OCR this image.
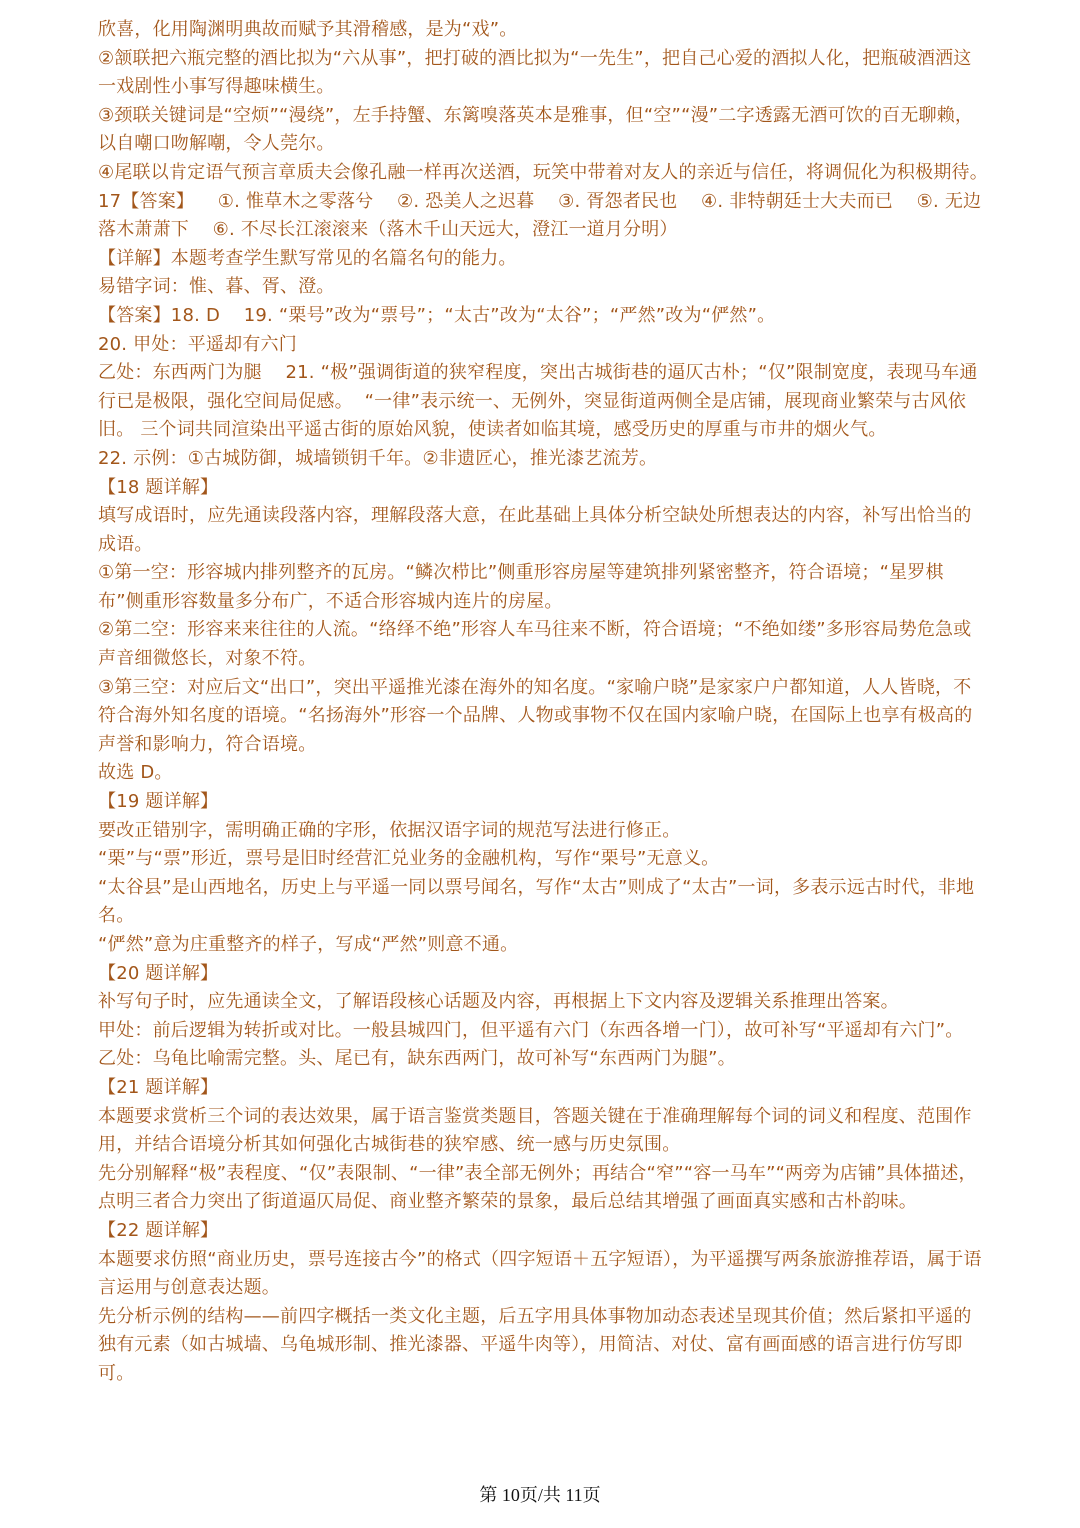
欣喜，化用陶渊明典故而赋予其滑稽感，是为“戏”。

②颔联把六瓶完整的酒比拟为“六从事”，把打破的酒比拟为“一先生”，把自己心爱的酒拟人化，把瓶破酒洒这一戏剧性小事写得趣味横生。

③颈联关键词是“空烦”“漫绕”，左手持蟹、东篱嗅落英本是雅事，但“空”“漫”二字透露无酒可饮的百无聊赖，以自嘲口吻解嘲，令人莞尔。

④尾联以肯定语气预言章质夫会像孔融一样再次送酒，玩笑中带着对友人的亲近与信任，将调侃化为积极期待。

17【答案】    ①. 惟草木之零落兮    ②. 恐美人之迟暮    ③. 胥怨者民也    ④. 非特朝廷士大夫而已    ⑤. 无边落木萧萧下    ⑥. 不尽长江滚滚来（落木千山天远大，澄江一道月分明）

【详解】本题考查学生默写常见的名篇名句的能力。

易错字词：惟、暮、胥、澄。

【答案】18. D    19. “栗号”改为“票号”；“太古”改为“太谷”；“严然”改为“俨然”。

20. 甲处：平遥却有六门

乙处：东西两门为腿    21. “极”强调街道的狭窄程度，突出古城街巷的逼仄古朴；“仅”限制宽度，表现马车通行已是极限，强化空间局促感。  “一律”表示统一、无例外，突显街道两侧全是店铺，展现商业繁荣与古风依旧。 三个词共同渲染出平遥古街的原始风貌，使读者如临其境，感受历史的厚重与市井的烟火气。

22. 示例：①古城防御，城墙锁钥千年。②非遗匠心，推光漆艺流芳。

【18 题详解】

填写成语时，应先通读段落内容，理解段落大意，在此基础上具体分析空缺处所想表达的内容，补写出恰当的成语。

①第一空：形容城内排列整齐的瓦房。“鳞次栉比”侧重形容房屋等建筑排列紧密整齐，符合语境；“星罗棋布”侧重形容数量多分布广，不适合形容城内连片的房屋。

②第二空：形容来来往往的人流。“络绎不绝”形容人车马往来不断，符合语境；“不绝如缕”多形容局势危急或声音细微悠长，对象不符。

③第三空：对应后文“出口”，突出平遥推光漆在海外的知名度。“家喻户晓”是家家户户都知道，人人皆晓，不符合海外知名度的语境。“名扬海外”形容一个品牌、人物或事物不仅在国内家喻户晓，在国际上也享有极高的声誉和影响力，符合语境。

故选 D。

【19 题详解】

要改正错别字，需明确正确的字形，依据汉语字词的规范写法进行修正。

“栗”与“票”形近，票号是旧时经营汇兑业务的金融机构，写作“栗号”无意义。

“太谷县”是山西地名，历史上与平遥一同以票号闻名，写作“太古”则成了“太古”一词，多表示远古时代，非地名。

“俨然”意为庄重整齐的样子，写成“严然”则意不通。

【20 题详解】

补写句子时，应先通读全文，了解语段核心话题及内容，再根据上下文内容及逻辑关系推理出答案。

甲处：前后逻辑为转折或对比。一般县城四门，但平遥有六门（东西各增一门），故可补写“平遥却有六门”。

乙处：乌龟比喻需完整。头、尾已有，缺东西两门，故可补写“东西两门为腿”。

【21 题详解】

本题要求赏析三个词的表达效果，属于语言鉴赏类题目，答题关键在于准确理解每个词的词义和程度、范围作用，并结合语境分析其如何强化古城街巷的狭窄感、统一感与历史氛围。

先分别解释“极”表程度、“仅”表限制、“一律”表全部无例外；再结合“窄”“容一马车”“两旁为店铺”具体描述，点明三者合力突出了街道逼仄局促、商业整齐繁荣的景象，最后总结其增强了画面真实感和古朴韵味。

【22 题详解】

本题要求仿照“商业历史，票号连接古今”的格式（四字短语＋五字短语），为平遥撰写两条旅游推荐语，属于语言运用与创意表达题。

先分析示例的结构——前四字概括一类文化主题，后五字用具体事物加动态表述呈现其价值；然后紧扣平遥的独有元素（如古城墙、乌龟城形制、推光漆器、平遥牛肉等），用简洁、对仗、富有画面感的语言进行仿写即可。

第 10页/共 11页
